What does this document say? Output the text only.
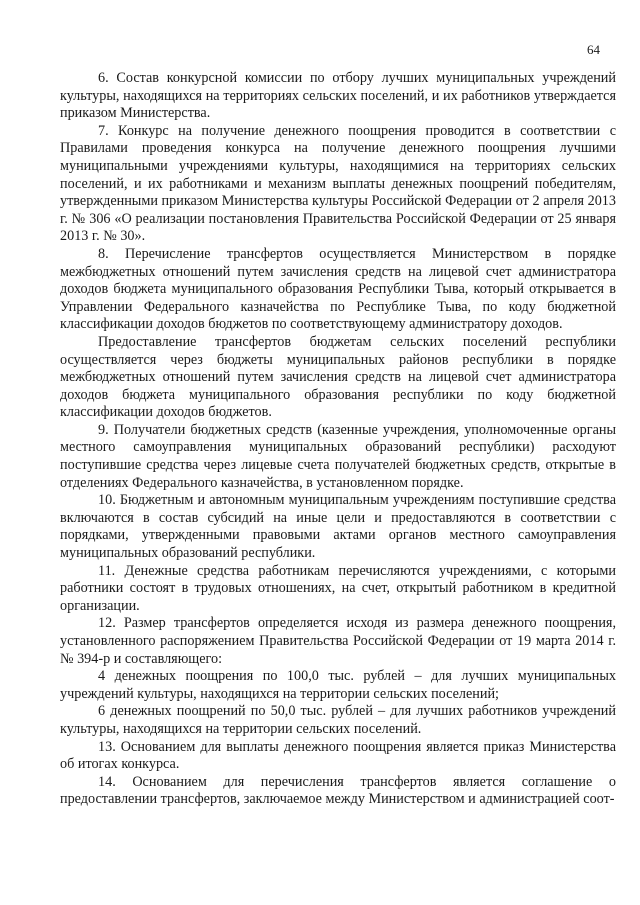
64

6. Состав конкурсной комиссии по отбору лучших муниципальных учреждений культуры, находящихся на территориях сельских поселений, и их работников утверждается приказом Министерства.

7. Конкурс на получение денежного поощрения проводится в соответствии с Правилами проведения конкурса на получение денежного поощрения лучшими муниципальными учреждениями культуры, находящимися на территориях сельских поселений, и их работниками и механизм выплаты денежных поощрений победителям, утвержденными приказом Министерства культуры Российской Федерации от 2 апреля 2013 г. № 306 «О реализации постановления Правительства Российской Федерации от 25 января 2013 г. № 30».

8. Перечисление трансфертов осуществляется Министерством в порядке межбюджетных отношений путем зачисления средств на лицевой счет администратора доходов бюджета муниципального образования Республики Тыва, который открывается в Управлении Федерального казначейства по Республике Тыва, по коду бюджетной классификации доходов бюджетов по соответствующему администратору доходов.

Предоставление трансфертов бюджетам сельских поселений республики осуществляется через бюджеты муниципальных районов республики в порядке межбюджетных отношений путем зачисления средств на лицевой счет администратора доходов бюджета муниципального образования республики по коду бюджетной классификации доходов бюджетов.

9. Получатели бюджетных средств (казенные учреждения, уполномоченные органы местного самоуправления муниципальных образований республики) расходуют поступившие средства через лицевые счета получателей бюджетных средств, открытые в отделениях Федерального казначейства, в установленном порядке.

10. Бюджетным и автономным муниципальным учреждениям поступившие средства включаются в состав субсидий на иные цели и предоставляются в соответствии с порядками, утвержденными правовыми актами органов местного самоуправления муниципальных образований республики.

11. Денежные средства работникам перечисляются учреждениями, с которыми работники состоят в трудовых отношениях, на счет, открытый работником в кредитной организации.

12. Размер трансфертов определяется исходя из размера денежного поощрения, установленного распоряжением Правительства Российской Федерации от 19 марта 2014 г. № 394-р и составляющего:

4 денежных поощрения по 100,0 тыс. рублей – для лучших муниципальных учреждений культуры, находящихся на территории сельских поселений;

6 денежных поощрений по 50,0 тыс. рублей – для лучших работников учреждений культуры, находящихся на территории сельских поселений.

13. Основанием для выплаты денежного поощрения является приказ Министерства об итогах конкурса.

14. Основанием для перечисления трансфертов является соглашение о предоставлении трансфертов, заключаемое между Министерством и администрацией соот-
